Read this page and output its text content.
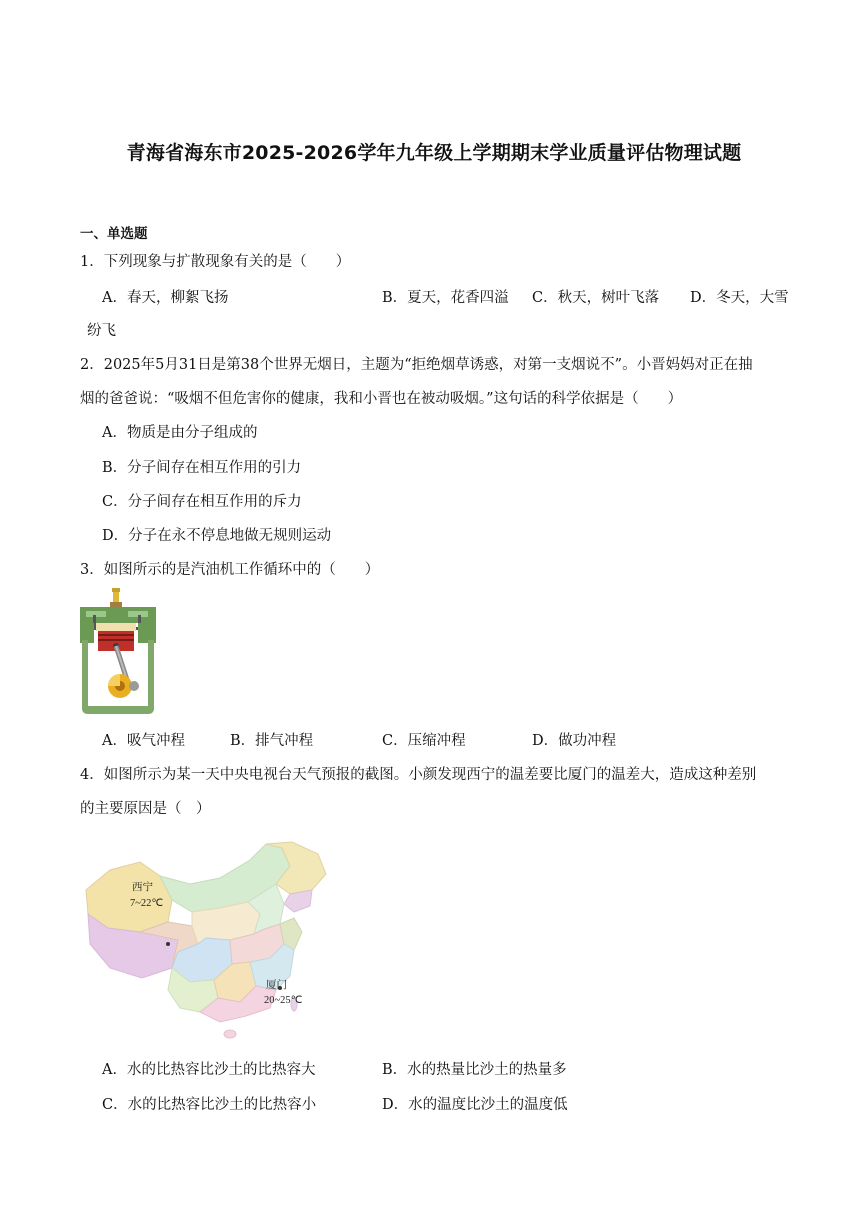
青海省海东市2025-2026学年九年级上学期期末学业质量评估物理试题
一、单选题
1．下列现象与扩散现象有关的是（　　）
A．春天，柳絮飞扬	B．夏天，花香四溢 C．秋天，树叶飞落 D．冬天，大雪
纷飞
2．2025年5月31日是第38个世界无烟日，主题为“拒绝烟草诱惑，对第一支烟说不”。小晋妈妈对正在抽
烟的爸爸说：“吸烟不但危害你的健康，我和小晋也在被动吸烟。”这句话的科学依据是（　　）
A．物质是由分子组成的
B．分子间存在相互作用的引力
C．分子间存在相互作用的斥力
D．分子在永不停息地做无规则运动
3．如图所示的是汽油机工作循环中的（　　）
A．吸气冲程	B．排气冲程	C．压缩冲程	D．做功冲程
4．如图所示为某一天中央电视台天气预报的截图。小颜发现西宁的温差要比厦门的温差大，造成这种差别
的主要原因是（　）
西宁
7~22℃
厦门
20~25℃
A．水的比热容比沙土的比热容大	B．水的热量比沙土的热量多
C．水的比热容比沙土的比热容小	D．水的温度比沙土的温度低
